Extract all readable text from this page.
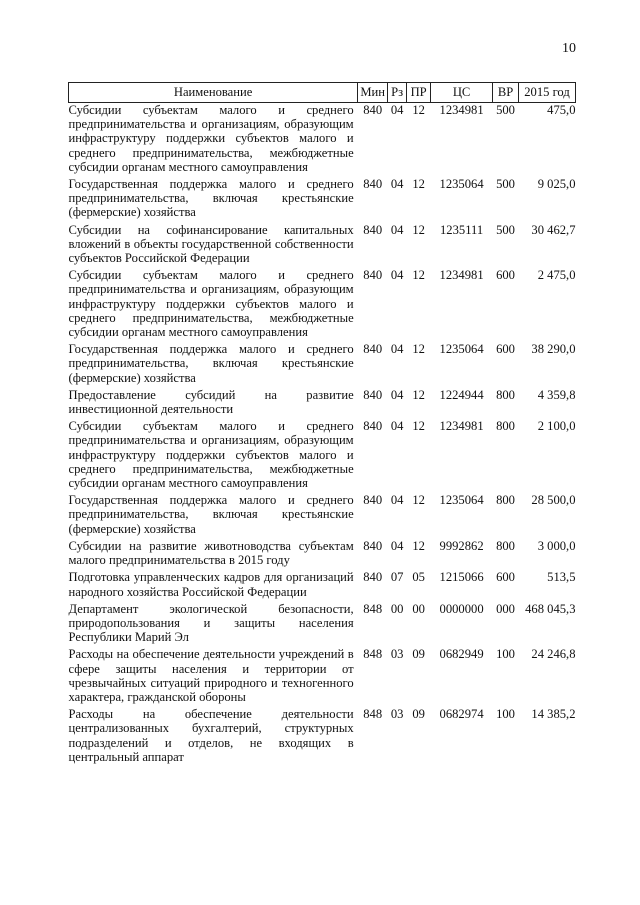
10
Наименование	Мин	Рз	ПР	ЦС	ВР	2015 год
Субсидии субъектам малого и среднего предпринимательства и организациям, образующим инфраструктуру поддержки субъектов малого и среднего предпринимательства, межбюджетные субсидии органам местного самоуправления	840	04	12	1234981	500	475,0
Государственная поддержка малого и среднего предпринимательства, включая крестьянские (фермерские) хозяйства	840	04	12	1235064	500	9 025,0
Субсидии на софинансирование капитальных вложений в объекты государственной собственности субъектов Российской Федерации	840	04	12	1235111	500	30 462,7
Субсидии субъектам малого и среднего предпринимательства и организациям, образующим инфраструктуру поддержки субъектов малого и среднего предпринимательства, межбюджетные субсидии органам местного самоуправления	840	04	12	1234981	600	2 475,0
Государственная поддержка малого и среднего предпринимательства, включая крестьянские (фермерские) хозяйства	840	04	12	1235064	600	38 290,0
Предоставление субсидий на развитие инвестиционной деятельности	840	04	12	1224944	800	4 359,8
Субсидии субъектам малого и среднего предпринимательства и организациям, образующим инфраструктуру поддержки субъектов малого и среднего предпринимательства, межбюджетные субсидии органам местного самоуправления	840	04	12	1234981	800	2 100,0
Государственная поддержка малого и среднего предпринимательства, включая крестьянские (фермерские) хозяйства	840	04	12	1235064	800	28 500,0
Субсидии на развитие животноводства субъектам малого предпринимательства в 2015 году	840	04	12	9992862	800	3 000,0
Подготовка управленческих кадров для организаций народного хозяйства Российской Федерации	840	07	05	1215066	600	513,5
Департамент экологической безопасности, природопользования и защиты населения Республики Марий Эл	848	00	00	0000000	000	468 045,3
Расходы на обеспечение деятельности учреждений в сфере защиты населения и территории от чрезвычайных ситуаций природного и техногенного характера, гражданской обороны	848	03	09	0682949	100	24 246,8
Расходы на обеспечение деятельности централизованных бухгалтерий, структурных подразделений и отделов, не входящих в центральный аппарат	848	03	09	0682974	100	14 385,2
